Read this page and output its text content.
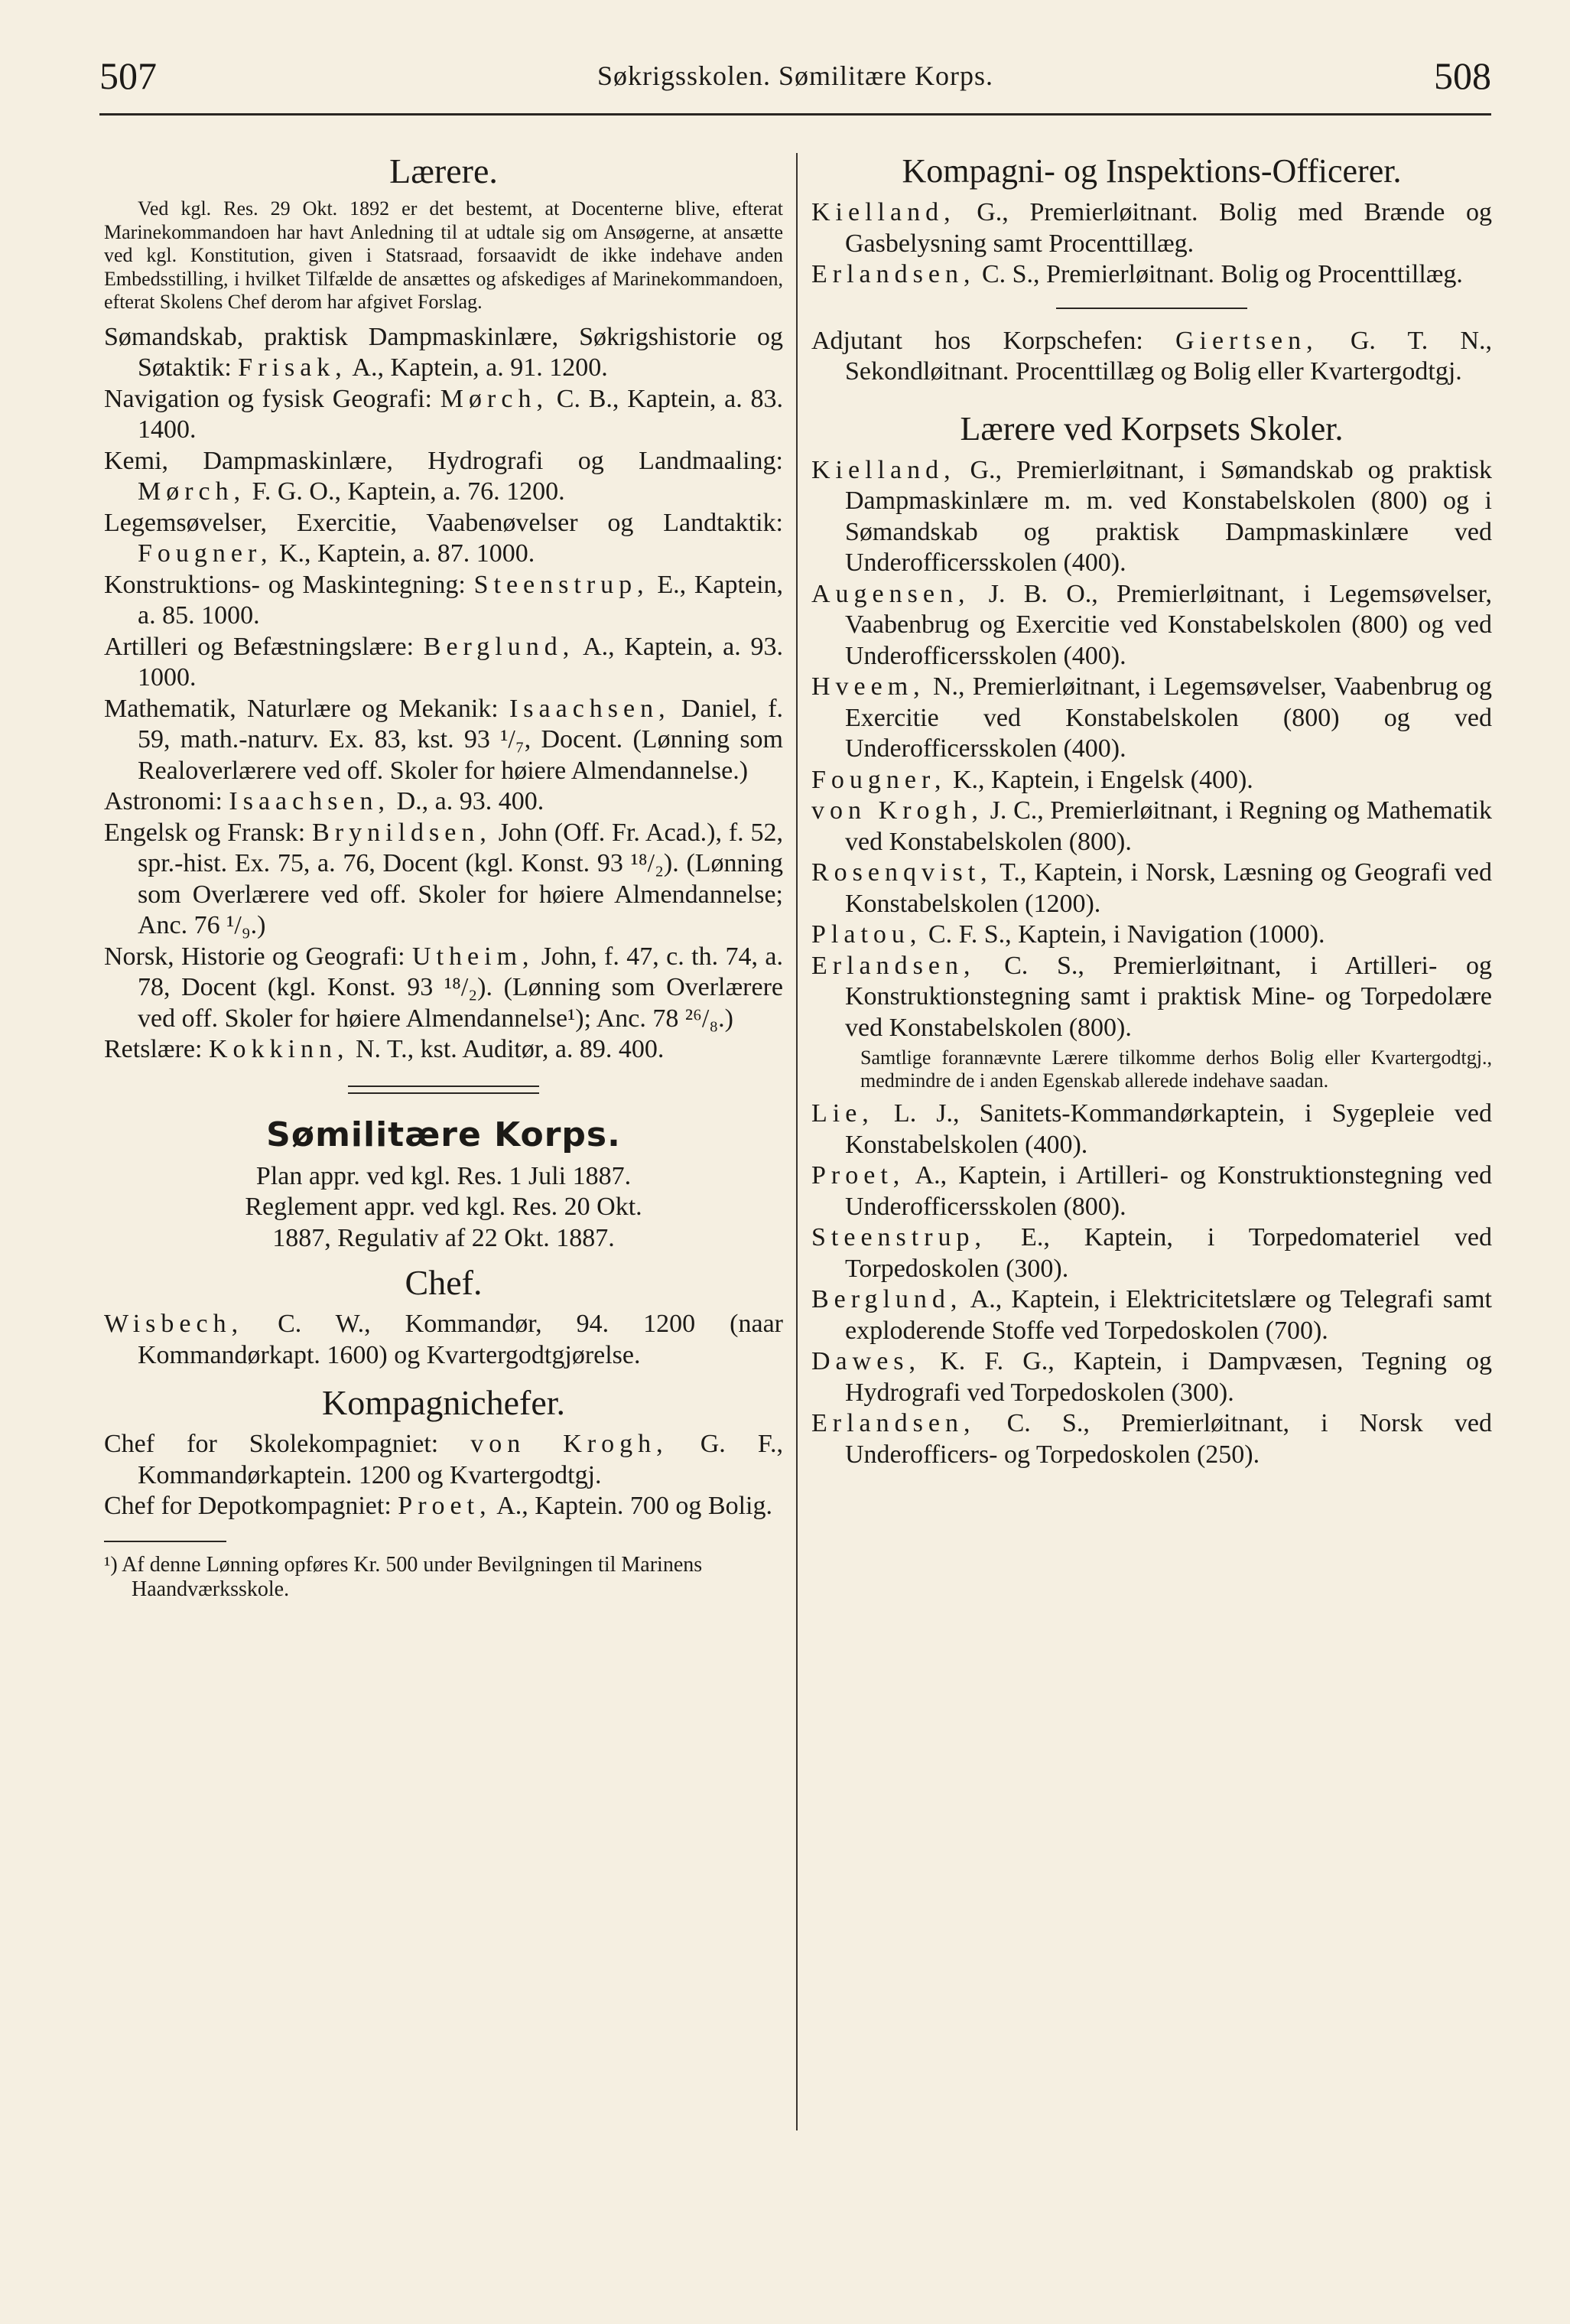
507	Søkrigsskolen. Sømilitære Korps.	508
Lærere.
Ved kgl. Res. 29 Okt. 1892 er det bestemt, at Docenterne blive, efterat Marinekommandoen har havt Anledning til at udtale sig om Ansøgerne, at ansætte ved kgl. Konstitution, given i Statsraad, forsaavidt de ikke indehave anden Embedsstilling, i hvilket Tilfælde de ansættes og afskediges af Marinekommandoen, efterat Skolens Chef derom har afgivet Forslag.
Sømandskab, praktisk Dampmaskinlære, Søkrigshistorie og Søtaktik: Frisak, A., Kaptein, a. 91. 1200.
Navigation og fysisk Geografi: Mørch, C. B., Kaptein, a. 83. 1400.
Kemi, Dampmaskinlære, Hydrografi og Landmaaling: Mørch, F. G. O., Kaptein, a. 76. 1200.
Legemsøvelser, Exercitie, Vaabenøvelser og Landtaktik: Fougner, K., Kaptein, a. 87. 1000.
Konstruktions- og Maskintegning: Steenstrup, E., Kaptein, a. 85. 1000.
Artilleri og Befæstningslære: Berglund, A., Kaptein, a. 93. 1000.
Mathematik, Naturlære og Mekanik: Isaachsen, Daniel, f. 59, math.-naturv. Ex. 83, kst. 93 ¹/₇, Docent. (Lønning som Realoverlærere ved off. Skoler for høiere Almendannelse.)
Astronomi: Isaachsen, D., a. 93. 400.
Engelsk og Fransk: Brynildsen, John (Off. Fr. Acad.), f. 52, spr.-hist. Ex. 75, a. 76, Docent (kgl. Konst. 93 ¹⁸/₂). (Lønning som Overlærere ved off. Skoler for høiere Almendannelse; Anc. 76 ¹/₉.)
Norsk, Historie og Geografi: Utheim, John, f. 47, c. th. 74, a. 78, Docent (kgl. Konst. 93 ¹⁸/₂). (Lønning som Overlærere ved off. Skoler for høiere Almendannelse¹); Anc. 78 ²⁶/₈.)
Retslære: Kokkinn, N. T., kst. Auditør, a. 89. 400.
Sømilitære Korps.
Plan appr. ved kgl. Res. 1 Juli 1887.
Reglement appr. ved kgl. Res. 20 Okt.
1887, Regulativ af 22 Okt. 1887.
Chef.
Wisbech, C. W., Kommandør, 94. 1200 (naar Kommandørkapt. 1600) og Kvartergodtgjørelse.
Kompagnichefer.
Chef for Skolekompagniet: von Krogh, G. F., Kommandørkaptein. 1200 og Kvartergodtgj.
Chef for Depotkompagniet: Proet, A., Kaptein. 700 og Bolig.
¹) Af denne Lønning opføres Kr. 500 under Bevilgningen til Marinens Haandværksskole.
Kompagni- og Inspektions-Officerer.
Kielland, G., Premierløitnant. Bolig med Brænde og Gasbelysning samt Procenttillæg.
Erlandsen, C. S., Premierløitnant. Bolig og Procenttillæg.
Adjutant hos Korpschefen: Giertsen, G. T. N., Sekondløitnant. Procenttillæg og Bolig eller Kvartergodtgj.
Lærere ved Korpsets Skoler.
Kielland, G., Premierløitnant, i Sømandskab og praktisk Dampmaskinlære m. m. ved Konstabelskolen (800) og i Sømandskab og praktisk Dampmaskinlære ved Underofficersskolen (400).
Augensen, J. B. O., Premierløitnant, i Legemsøvelser, Vaabenbrug og Exercitie ved Konstabelskolen (800) og ved Underofficersskolen (400).
Hveem, N., Premierløitnant, i Legemsøvelser, Vaabenbrug og Exercitie ved Konstabelskolen (800) og ved Underofficersskolen (400).
Fougner, K., Kaptein, i Engelsk (400).
von Krogh, J. C., Premierløitnant, i Regning og Mathematik ved Konstabelskolen (800).
Rosenqvist, T., Kaptein, i Norsk, Læsning og Geografi ved Konstabelskolen (1200).
Platou, C. F. S., Kaptein, i Navigation (1000).
Erlandsen, C. S., Premierløitnant, i Artilleri- og Konstruktionstegning samt i praktisk Mine- og Torpedolære ved Konstabelskolen (800).
Samtlige forannævnte Lærere tilkomme derhos Bolig eller Kvartergodtgj., medmindre de i anden Egenskab allerede indehave saadan.
Lie, L. J., Sanitets-Kommandørkaptein, i Sygepleie ved Konstabelskolen (400).
Proet, A., Kaptein, i Artilleri- og Konstruktionstegning ved Underofficersskolen (800).
Steenstrup, E., Kaptein, i Torpedomateriel ved Torpedoskolen (300).
Berglund, A., Kaptein, i Elektricitetslære og Telegrafi samt exploderende Stoffe ved Torpedoskolen (700).
Dawes, K. F. G., Kaptein, i Dampvæsen, Tegning og Hydrografi ved Torpedoskolen (300).
Erlandsen, C. S., Premierløitnant, i Norsk ved Underofficers- og Torpedoskolen (250).
